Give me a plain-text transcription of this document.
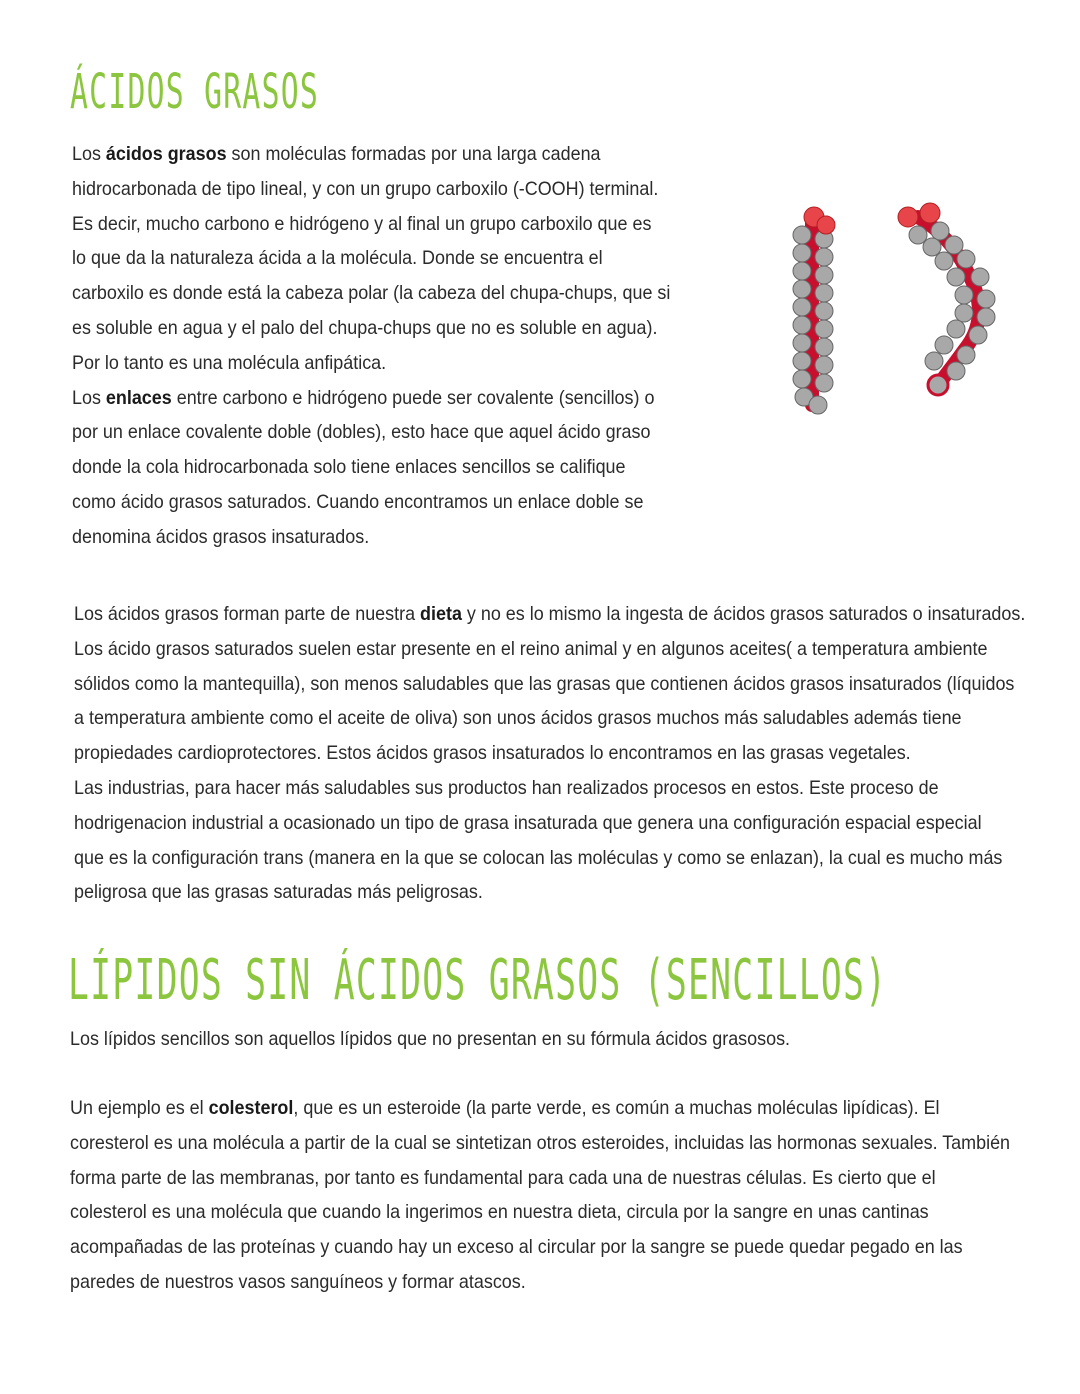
ÁCIDOS GRASOS

Los ácidos grasos son moléculas formadas por una larga cadena
hidrocarbonada de tipo lineal, y con un grupo carboxilo (-COOH) terminal.
Es decir, mucho carbono e hidrógeno y al final un grupo carboxilo que es
lo que da la naturaleza ácida a la molécula. Donde se encuentra el
carboxilo es donde está la cabeza polar (la cabeza del chupa-chups, que si
es soluble en agua y el palo del chupa-chups que no es soluble en agua).
Por lo tanto es una molécula anfipática.
Los enlaces entre carbono e hidrógeno puede ser covalente (sencillos) o
por un enlace covalente doble (dobles), esto hace que aquel ácido graso
donde la cola hidrocarbonada solo tiene enlaces sencillos se califique
como ácido grasos saturados. Cuando encontramos un enlace doble se
denomina ácidos grasos insaturados.

Los ácidos grasos forman parte de nuestra dieta y no es lo mismo la ingesta de ácidos grasos saturados o insaturados.
Los ácido grasos saturados suelen estar presente en el reino animal y en algunos aceites( a temperatura ambiente
sólidos como la mantequilla), son menos saludables que las grasas que contienen ácidos grasos insaturados (líquidos
a temperatura ambiente como el aceite de oliva) son unos ácidos grasos muchos más saludables además tiene
propiedades cardioprotectores. Estos ácidos grasos insaturados lo encontramos en las grasas vegetales.
Las industrias, para hacer más saludables sus productos han realizados procesos en estos. Este proceso de
hodrigenacion industrial a ocasionado un tipo de grasa insaturada que genera una configuración espacial especial
que es la configuración trans (manera en la que se colocan las moléculas y como se enlazan), la cual es mucho más
peligrosa que las grasas saturadas más peligrosas.

LÍPIDOS SIN ÁCIDOS GRASOS (SENCILLOS)

Los lípidos sencillos son aquellos lípidos que no presentan en su fórmula ácidos grasosos.

Un ejemplo es el colesterol, que es un esteroide (la parte verde, es común a muchas moléculas lipídicas). El
coresterol es una molécula a partir de la cual se sintetizan otros esteroides, incluidas las hormonas sexuales. También
forma parte de las membranas, por tanto es fundamental para cada una de nuestras células. Es cierto que el
colesterol es una molécula que cuando la ingerimos en nuestra dieta, circula por la sangre en unas cantinas
acompañadas de las proteínas y cuando hay un exceso al circular por la sangre se puede quedar pegado en las
paredes de nuestros vasos sanguíneos y formar atascos.
